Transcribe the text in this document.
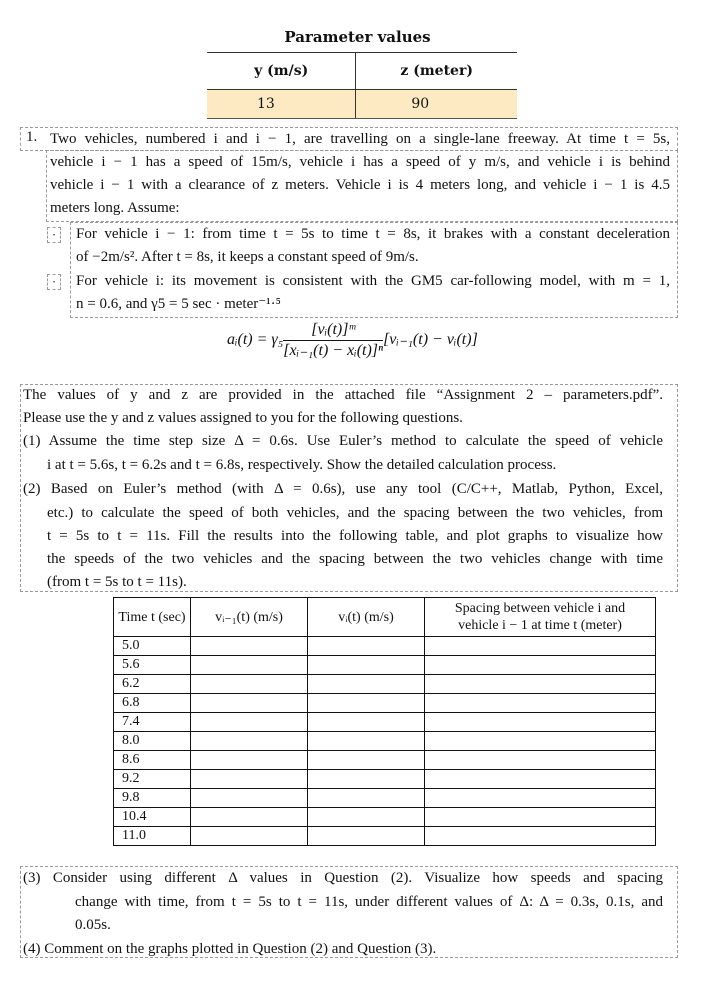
Parameter values
y (m/s)	z (meter)
13	90
1. Two vehicles, numbered i and i − 1, are travelling on a single-lane freeway. At time t = 5s,
vehicle i − 1 has a speed of 15m/s, vehicle i has a speed of y m/s, and vehicle i is behind
vehicle i − 1 with a clearance of z meters. Vehicle i is 4 meters long, and vehicle i − 1 is 4.5
meters long. Assume:
·	For vehicle i − 1: from time t = 5s to time t = 8s, it brakes with a constant deceleration
of −2m/s². After t = 8s, it keeps a constant speed of 9m/s.
·	For vehicle i: its movement is consistent with the GM5 car-following model, with m = 1,
n = 0.6, and γ5 = 5 sec · meter⁻¹·⁵
aᵢ(t) = $\gamma_5 \frac{\text{[vᵢ(t)]ᵐ}}{\text{[xᵢ₋₁(t) − xᵢ(t)]ⁿ}}$ [vᵢ₋₁(t) − vᵢ(t)]
The values of y and z are provided in the attached file “Assignment 2 – parameters.pdf”.
Please use the y and z values assigned to you for the following questions.
(1) Assume the time step size Δ = 0.6s. Use Euler’s method to calculate the speed of vehicle
i at t = 5.6s, t = 6.2s and t = 6.8s, respectively. Show the detailed calculation process.
(2) Based on Euler’s method (with Δ = 0.6s), use any tool (C/C++, Matlab, Python, Excel,
etc.) to calculate the speed of both vehicles, and the spacing between the two vehicles, from
t = 5s to t = 11s. Fill the results into the following table, and plot graphs to visualize how
the speeds of the two vehicles and the spacing between the two vehicles change with time
(from t = 5s to t = 11s).
Time t (sec)	vᵢ₋₁(t) (m/s)	vᵢ(t) (m/s)	Spacing between vehicle i and
vehicle i − 1 at time t (meter)

5.0			
5.6			
6.2			
6.8			
7.4			
8.0			
8.6			
9.2			
9.8			
10.4			
11.0			
(3) Consider using different Δ values in Question (2). Visualize how speeds and spacing
change with time, from t = 5s to t = 11s, under different values of Δ: Δ = 0.3s, 0.1s, and
0.05s.
(4) Comment on the graphs plotted in Question (2) and Question (3).
